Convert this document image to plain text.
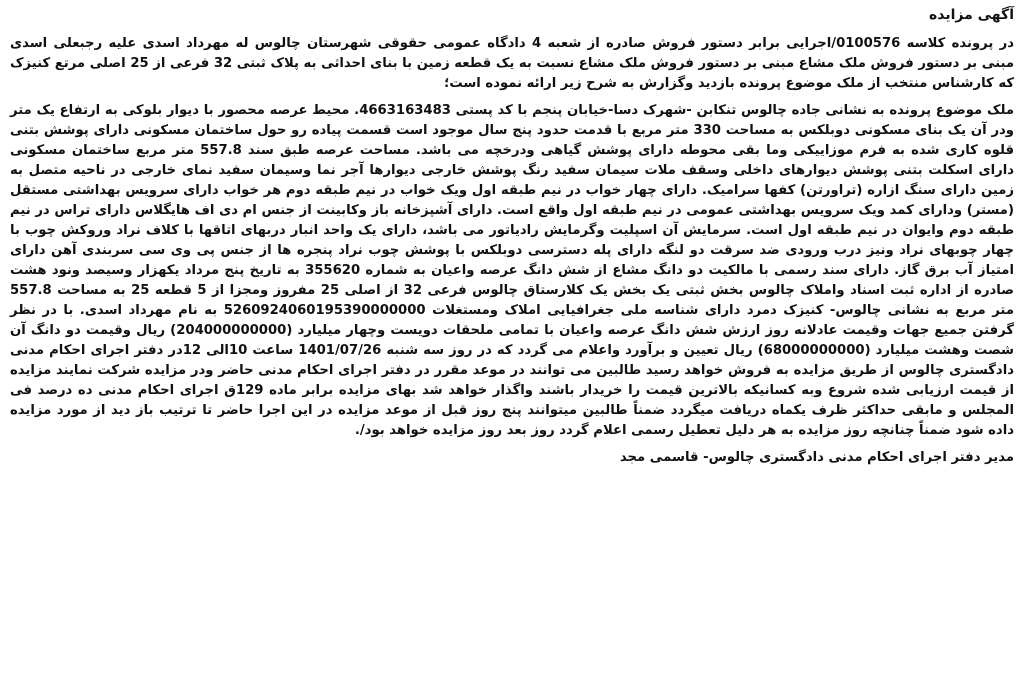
آگهی مزایده

در پرونده کلاسه 0100576/اجرایی برابر دستور فروش صادره از شعبه 4 دادگاه عمومی حقوقی شهرستان چالوس له مهرداد اسدی علیه رجبعلی اسدی مبنی بر دستور فروش ملک مشاع مبنی بر دستور فروش ملک مشاع نسبت به یک قطعه زمین با بنای احداثی به پلاک ثبتی 32 فرعی از 25 اصلی مرتع کنیزک که کارشناس منتخب از ملک موضوع پرونده بازدید وگزارش به شرح زیر ارائه نموده است؛

ملک موضوع پرونده به نشانی جاده چالوس تنکابن -شهرک دسا-خیابان پنجم با کد پستی 4663163483. محیط عرصه محصور با دیوار بلوکی به ارتفاع یک متر ودر آن یک بنای مسکونی دوبلکس به مساحت 330 متر مربع با قدمت حدود پنج سال موجود است قسمت پیاده رو حول ساختمان مسکونی دارای پوشش بتنی قلوه کاری شده به فرم موزاییکی وما بقی محوطه دارای پوشش گیاهی ودرخچه می باشد. مساحت عرصه طبق سند 557.8 متر مربع ساختمان مسکونی دارای اسکلت بتنی پوشش دیوارهای داخلی وسقف ملات سیمان سفید رنگ پوشش خارجی دیوارها آجر نما وسیمان سفید نمای خارجی در ناحیه متصل به زمین دارای سنگ ازاره (تراورتن) کفها سرامیک. دارای چهار خواب در نیم طبقه اول ویک خواب در نیم طبقه دوم هر خواب دارای سرویس بهداشتی مستقل (مستر) ودارای کمد ویک سرویس بهداشتی عمومی در نیم طبقه اول واقع است. دارای آشپزخانه باز وکابینت از جنس ام دی اف هایگلاس دارای تراس در نیم طبقه دوم وایوان در نیم طبقه اول است. سرمایش آن اسپلیت وگرمایش رادیاتور می باشد، دارای یک واحد انبار دربهای اتاقها با کلاف نراد وروکش چوب با چهار چوبهای نراد ونیز درب ورودی ضد سرقت دو لنگه دارای پله دسترسی دوبلکس با پوشش چوب نراد پنجره ها از جنس پی وی سی سربندی آهن دارای امتیاز آب برق گاز. دارای سند رسمی با مالکیت دو دانگ مشاع از شش دانگ عرصه واعیان به شماره 355620 به تاریخ پنج مرداد یکهزار وسیصد ونود هشت صادره از اداره ثبت اسناد واملاک چالوس بخش ثبتی یک بخش یک کلارستاق چالوس فرعی 32 از اصلی 25 مفروز ومجزا از 5 قطعه 25 به مساحت 557.8 متر مربع به نشانی چالوس- کنیزک دمرد دارای شناسه ملی جغرافیایی املاک ومستغلات 5260924060195390000000 به نام مهرداد اسدی. با در نظر گرفتن جمیع جهات وقیمت عادلانه روز ارزش شش دانگ عرصه واعیان با تمامی ملحقات دویست وچهار میلیارد (204000000000) ریال وقیمت دو دانگ آن شصت وهشت میلیارد (68000000000) ریال تعیین و برآورد واعلام می گردد که در روز سه شنبه 1401/07/26 ساعت 10الی 12در دفتر اجرای احکام مدنی دادگستری چالوس از طریق مزایده به فروش خواهد رسید طالبین می توانند در موعد مقرر در دفتر اجرای احکام مدنی حاضر ودر مزایده شرکت نمایند مزایده از قیمت ارزیابی شده شروع وبه کسانیکه بالاترین قیمت را خریدار باشند واگذار خواهد شد بهای مزایده برابر ماده 129ق اجرای احکام مدنی ده درصد فی المجلس و مابقی حداکثر ظرف یکماه دریافت میگردد ضمناً طالبین میتوانند پنج روز قبل از موعد مزایده در این اجرا حاضر تا ترتیب باز دید از مورد مزایده داده شود ضمناً چنانچه روز مزایده به هر دلیل تعطیل رسمی اعلام گردد روز بعد روز مزایده خواهد بود/.

مدیر دفتر اجرای احکام مدنی دادگستری چالوس- قاسمی مجد
